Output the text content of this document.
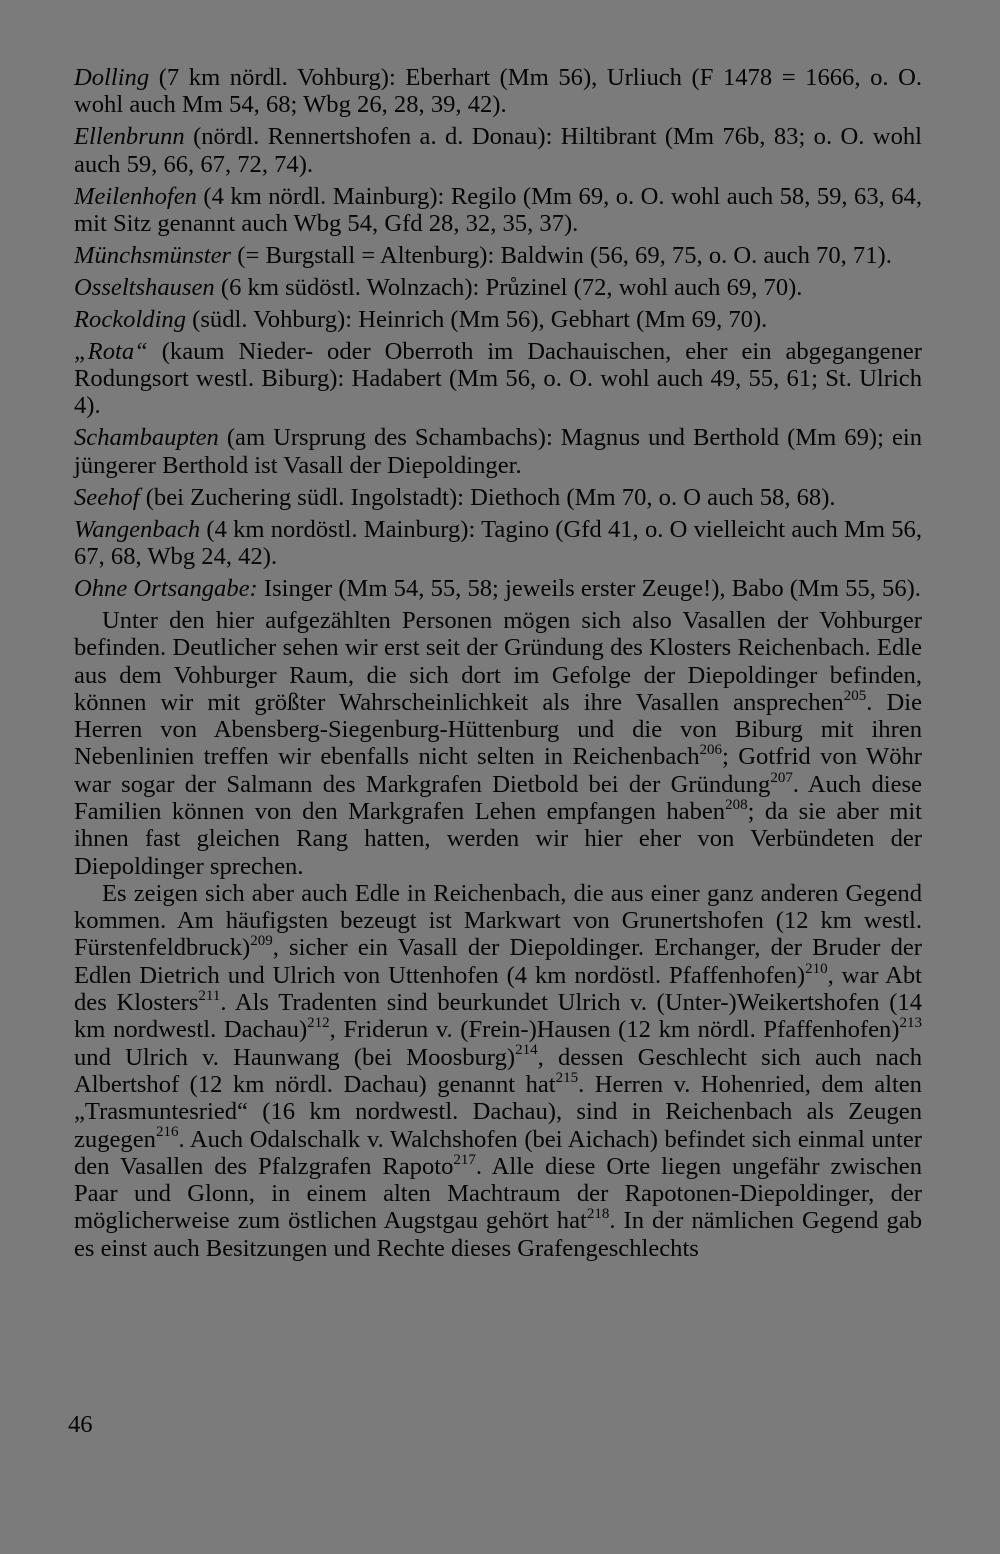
Dolling (7 km nördl. Vohburg): Eberhart (Mm 56), Urliuch (F 1478 = 1666, o. O. wohl auch Mm 54, 68; Wbg 26, 28, 39, 42).

Ellenbrunn (nördl. Rennertshofen a. d. Donau): Hiltibrant (Mm 76b, 83; o. O. wohl auch 59, 66, 67, 72, 74).

Meilenhofen (4 km nördl. Mainburg): Regilo (Mm 69, o. O. wohl auch 58, 59, 63, 64, mit Sitz genannt auch Wbg 54, Gfd 28, 32, 35, 37).

Münchsmünster (= Burgstall = Altenburg): Baldwin (56, 69, 75, o. O. auch 70, 71).

Osseltshausen (6 km südöstl. Wolnzach): Průzinel (72, wohl auch 69, 70).

Rockolding (südl. Vohburg): Heinrich (Mm 56), Gebhart (Mm 69, 70).

„Rota“ (kaum Nieder- oder Oberroth im Dachauischen, eher ein abgegangener Rodungsort westl. Biburg): Hadabert (Mm 56, o. O. wohl auch 49, 55, 61; St. Ulrich 4).

Schambaupten (am Ursprung des Schambachs): Magnus und Berthold (Mm 69); ein jüngerer Berthold ist Vasall der Diepoldinger.

Seehof (bei Zuchering südl. Ingolstadt): Diethoch (Mm 70, o. O auch 58, 68).

Wangenbach (4 km nordöstl. Mainburg): Tagino (Gfd 41, o. O vielleicht auch Mm 56, 67, 68, Wbg 24, 42).

Ohne Ortsangabe: Isinger (Mm 54, 55, 58; jeweils erster Zeuge!), Babo (Mm 55, 56).

Unter den hier aufgezählten Personen mögen sich also Vasallen der Vohburger befinden. Deutlicher sehen wir erst seit der Gründung des Klosters Reichenbach. Edle aus dem Vohburger Raum, die sich dort im Gefolge der Diepoldinger befinden, können wir mit größter Wahrscheinlichkeit als ihre Vasallen ansprechen$^{205}$. Die Herren von Abensberg-Siegenburg-Hüttenburg und die von Biburg mit ihren Nebenlinien treffen wir ebenfalls nicht selten in Reichenbach$^{206}$; Gotfrid von Wöhr war sogar der Salmann des Markgrafen Dietbold bei der Gründung$^{207}$. Auch diese Familien können von den Markgrafen Lehen empfangen haben$^{208}$; da sie aber mit ihnen fast gleichen Rang hatten, werden wir hier eher von Verbündeten der Diepoldinger sprechen.

Es zeigen sich aber auch Edle in Reichenbach, die aus einer ganz anderen Gegend kommen. Am häufigsten bezeugt ist Markwart von Grunertshofen (12 km westl. Fürstenfeldbruck)$^{209}$, sicher ein Vasall der Diepoldinger. Erchanger, der Bruder der Edlen Dietrich und Ulrich von Uttenhofen (4 km nordöstl. Pfaffenhofen)$^{210}$, war Abt des Klosters$^{211}$. Als Tradenten sind beurkundet Ulrich v. (Unter-)Weikertshofen (14 km nordwestl. Dachau)$^{212}$, Friderun v. (Frein-)Hausen (12 km nördl. Pfaffenhofen)$^{213}$ und Ulrich v. Haunwang (bei Moosburg)$^{214}$, dessen Geschlecht sich auch nach Albertshof (12 km nördl. Dachau) genannt hat$^{215}$. Herren v. Hohenried, dem alten „Trasmuntesried“ (16 km nordwestl. Dachau), sind in Reichenbach als Zeugen zugegen$^{216}$. Auch Odalschalk v. Walchshofen (bei Aichach) befindet sich einmal unter den Vasallen des Pfalzgrafen Rapoto$^{217}$. Alle diese Orte liegen ungefähr zwischen Paar und Glonn, in einem alten Machtraum der Rapotonen-Diepoldinger, der möglicherweise zum östlichen Augstgau gehört hat$^{218}$. In der nämlichen Gegend gab es einst auch Besitzungen und Rechte dieses Grafengeschlechts

46
